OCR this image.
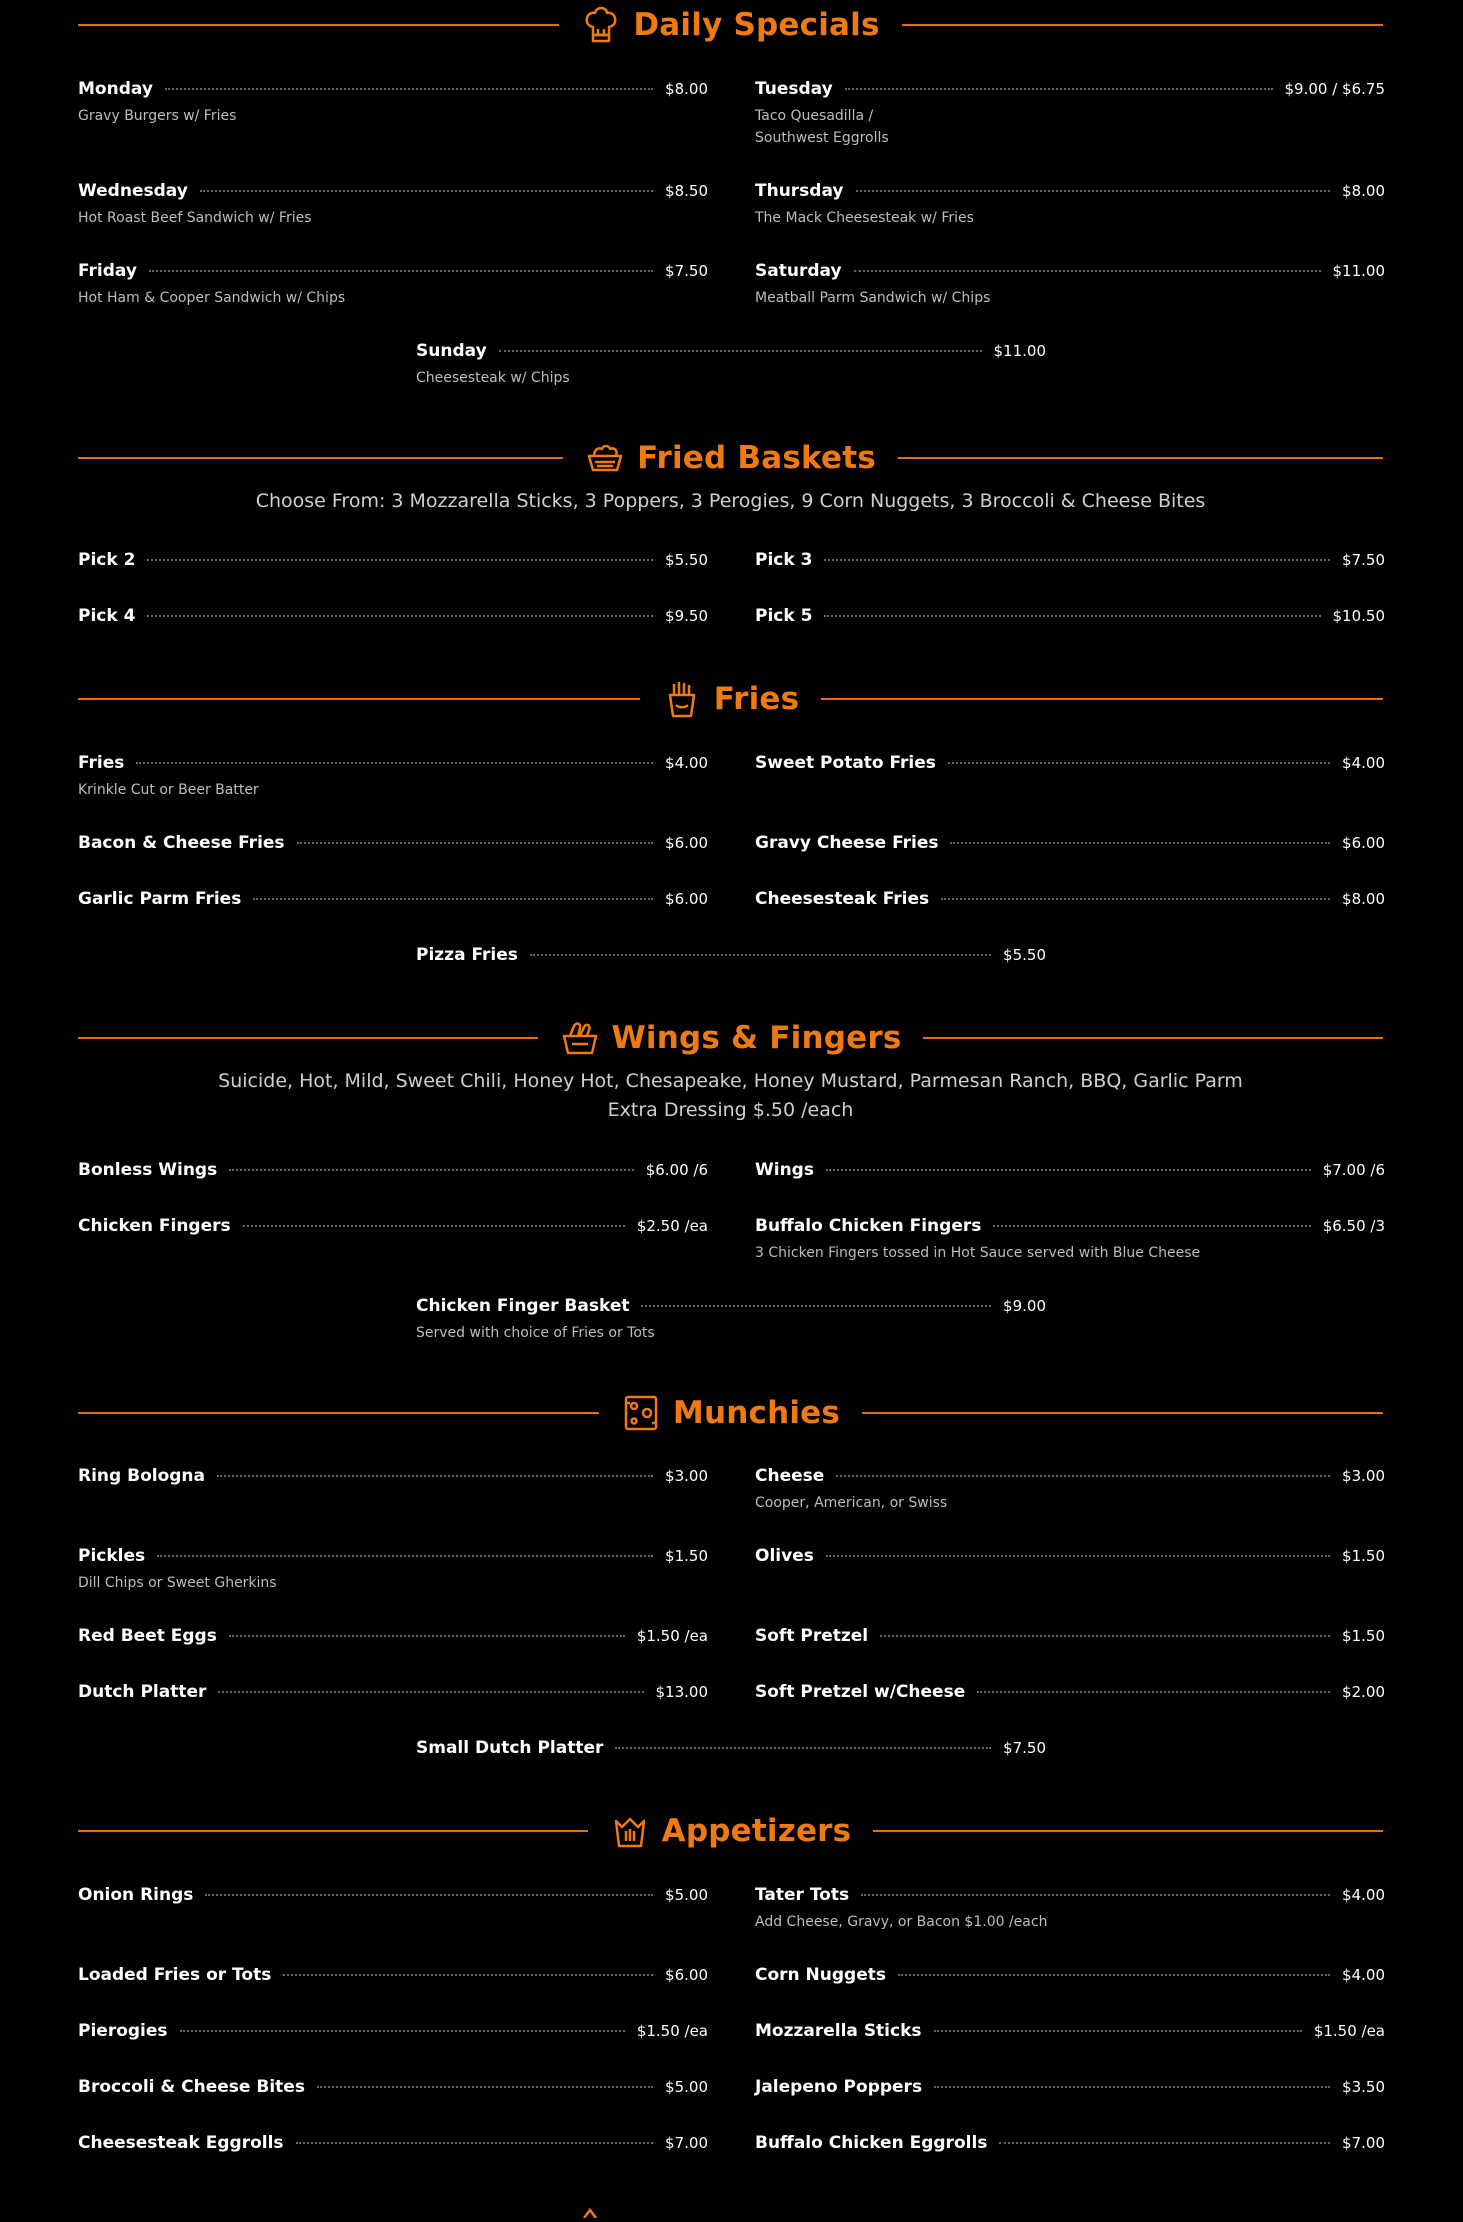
Daily Specials
Monday	$8.00
Gravy Burgers w/ Fries
Tuesday	$9.00 / $6.75
Taco Quesadilla /
Southwest Eggrolls
Wednesday	$8.50
Hot Roast Beef Sandwich w/ Fries
Thursday	$8.00
The Mack Cheesesteak w/ Fries
Friday	$7.50
Hot Ham & Cooper Sandwich w/ Chips
Saturday	$11.00
Meatball Parm Sandwich w/ Chips
Sunday	$11.00
Cheesesteak w/ Chips
Fried Baskets
Choose From: 3 Mozzarella Sticks, 3 Poppers, 3 Perogies, 9 Corn Nuggets, 3 Broccoli & Cheese Bites
Pick 2	$5.50	Pick 3	$7.50
Pick 4	$9.50	Pick 5	$10.50
Fries
Fries	$4.00
Krinkle Cut or Beer Batter
Sweet Potato Fries	$4.00
Bacon & Cheese Fries	$6.00	Gravy Cheese Fries	$6.00
Garlic Parm Fries	$6.00	Cheesesteak Fries	$8.00
Pizza Fries	$5.50
Wings & Fingers
Suicide, Hot, Mild, Sweet Chili, Honey Hot, Chesapeake, Honey Mustard, Parmesan Ranch, BBQ, Garlic Parm
Extra Dressing $.50 /each
Bonless Wings	$6.00 /6	Wings	$7.00 /6
Chicken Fingers	$2.50 /ea	Buffalo Chicken Fingers	$6.50 /3
3 Chicken Fingers tossed in Hot Sauce served with Blue Cheese
Chicken Finger Basket	$9.00
Served with choice of Fries or Tots
Munchies
Ring Bologna	$3.00	Cheese	$3.00
Cooper, American, or Swiss
Pickles	$1.50
Dill Chips or Sweet Gherkins
Olives	$1.50
Red Beet Eggs	$1.50 /ea	Soft Pretzel	$1.50
Dutch Platter	$13.00	Soft Pretzel w/Cheese	$2.00
Small Dutch Platter	$7.50
Appetizers
Onion Rings	$5.00	Tater Tots	$4.00
Add Cheese, Gravy, or Bacon $1.00 /each
Loaded Fries or Tots	$6.00	Corn Nuggets	$4.00
Pierogies	$1.50 /ea	Mozzarella Sticks	$1.50 /ea
Broccoli & Cheese Bites	$5.00	Jalepeno Poppers	$3.50
Cheesesteak Eggrolls	$7.00	Buffalo Chicken Eggrolls	$7.00
